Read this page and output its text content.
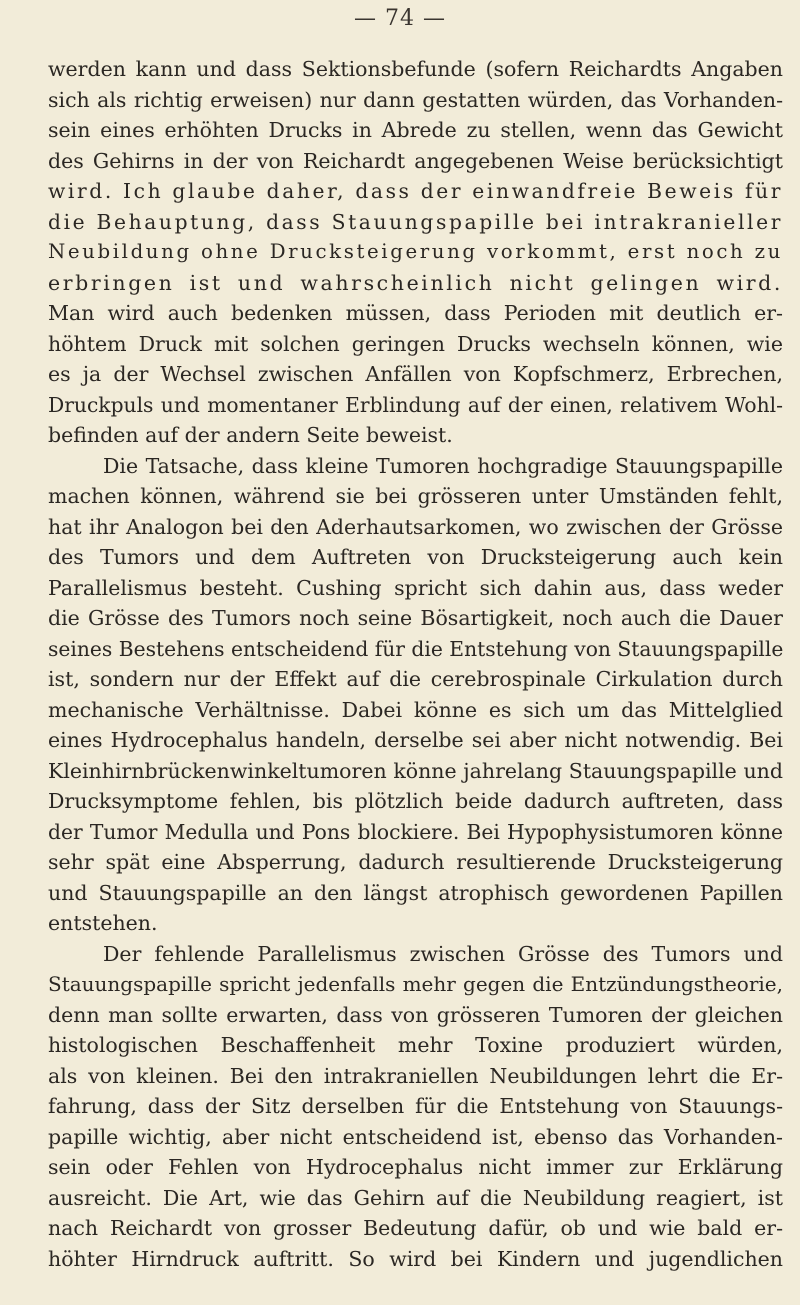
— 74 —
werden kann und dass Sektionsbefunde (sofern Reichardts Angaben
sich als richtig erweisen) nur dann gestatten würden, das Vorhanden-
sein eines erhöhten Drucks in Abrede zu stellen, wenn das Gewicht
des Gehirns in der von Reichardt angegebenen Weise berücksichtigt
wird. Ich glaube daher, dass der einwandfreie Beweis für
die Behauptung, dass Stauungspapille bei intrakranieller
Neubildung ohne Drucksteigerung vorkommt, erst noch zu
erbringen ist und wahrscheinlich nicht gelingen wird.
Man wird auch bedenken müssen, dass Perioden mit deutlich er-
höhtem Druck mit solchen geringen Drucks wechseln können, wie
es ja der Wechsel zwischen Anfällen von Kopfschmerz, Erbrechen,
Druckpuls und momentaner Erblindung auf der einen, relativem Wohl-
befinden auf der andern Seite beweist.
Die Tatsache, dass kleine Tumoren hochgradige Stauungspapille
machen können, während sie bei grösseren unter Umständen fehlt,
hat ihr Analogon bei den Aderhautsarkomen, wo zwischen der Grösse
des Tumors und dem Auftreten von Drucksteigerung auch kein
Parallelismus besteht. Cushing spricht sich dahin aus, dass weder
die Grösse des Tumors noch seine Bösartigkeit, noch auch die Dauer
seines Bestehens entscheidend für die Entstehung von Stauungspapille
ist, sondern nur der Effekt auf die cerebrospinale Cirkulation durch
mechanische Verhältnisse. Dabei könne es sich um das Mittelglied
eines Hydrocephalus handeln, derselbe sei aber nicht notwendig. Bei
Kleinhirnbrückenwinkeltumoren könne jahrelang Stauungspapille und
Drucksymptome fehlen, bis plötzlich beide dadurch auftreten, dass
der Tumor Medulla und Pons blockiere. Bei Hypophysistumoren könne
sehr spät eine Absperrung, dadurch resultierende Drucksteigerung
und Stauungspapille an den längst atrophisch gewordenen Papillen
entstehen.
Der fehlende Parallelismus zwischen Grösse des Tumors und
Stauungspapille spricht jedenfalls mehr gegen die Entzündungstheorie,
denn man sollte erwarten, dass von grösseren Tumoren der gleichen
histologischen Beschaffenheit mehr Toxine produziert würden,
als von kleinen. Bei den intrakraniellen Neubildungen lehrt die Er-
fahrung, dass der Sitz derselben für die Entstehung von Stauungs-
papille wichtig, aber nicht entscheidend ist, ebenso das Vorhanden-
sein oder Fehlen von Hydrocephalus nicht immer zur Erklärung
ausreicht. Die Art, wie das Gehirn auf die Neubildung reagiert, ist
nach Reichardt von grosser Bedeutung dafür, ob und wie bald er-
höhter Hirndruck auftritt. So wird bei Kindern und jugendlichen
